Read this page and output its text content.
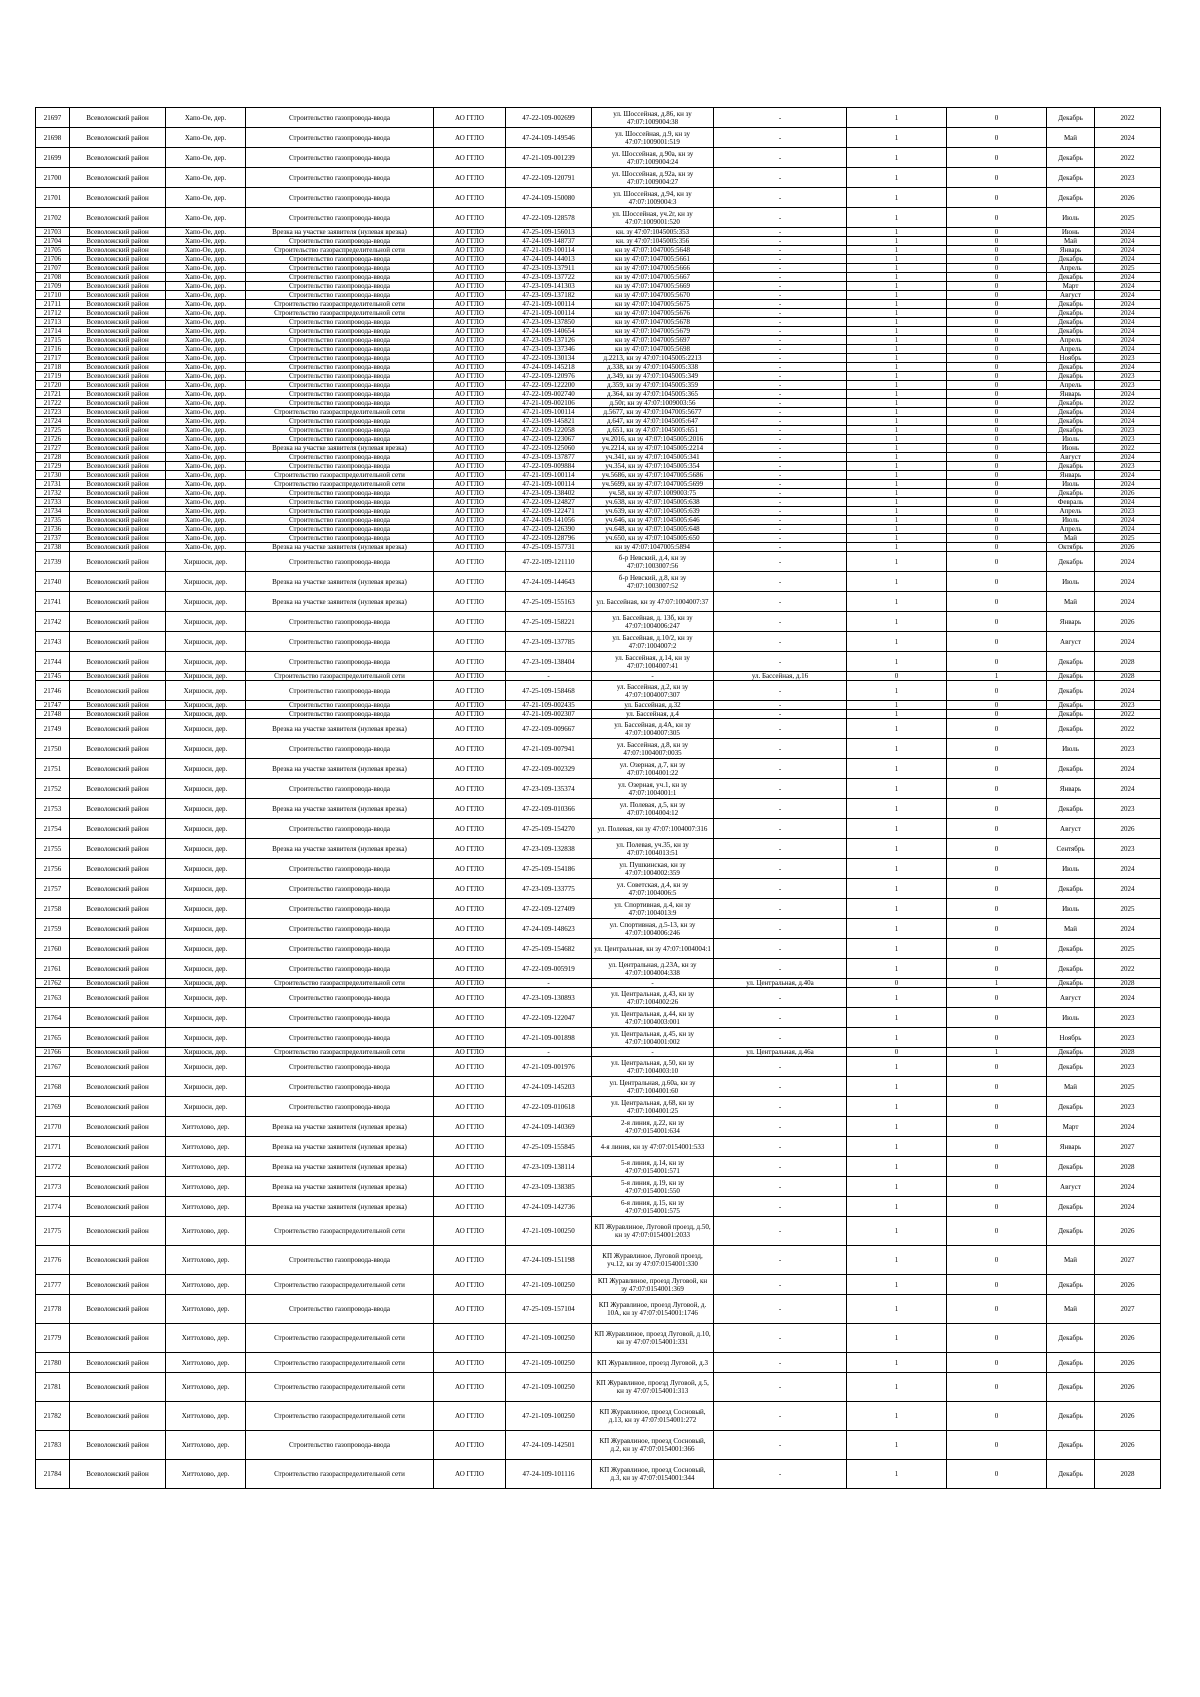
21697	Всеволожский район	Хапо-Ое, дер.	Строительство газопровода-ввода	АО ГГЛО	47-22-109-002699	ул. Шоссейная, д.86, кн зу 47:07:1009004:38	-	1	0	Декабрь	2022
21698	Всеволожский район	Хапо-Ое, дер.	Строительство газопровода-ввода	АО ГГЛО	47-24-109-149546	ул. Шоссейная, д.9, кн зу 47:07:1009001:519	-	1	0	Май	2024
21699	Всеволожский район	Хапо-Ое, дер.	Строительство газопровода-ввода	АО ГГЛО	47-21-109-001239	ул. Шоссейная, д.90а, кн зу 47:07:1009004:24	-	1	0	Декабрь	2022
21700	Всеволожский район	Хапо-Ое, дер.	Строительство газопровода-ввода	АО ГГЛО	47-22-109-120791	ул. Шоссейная, д.92а, кн зу 47:07:1009004:27	-	1	0	Декабрь	2023
21701	Всеволожский район	Хапо-Ое, дер.	Строительство газопровода-ввода	АО ГГЛО	47-24-109-150080	ул. Шоссейная, д.94, кн зу 47:07:1009004:3	-	1	0	Декабрь	2026
21702	Всеволожский район	Хапо-Ое, дер.	Строительство газопровода-ввода	АО ГГЛО	47-22-109-128578	ул. Шоссейная, уч.2г, кн зу 47:07:1009001:520	-	1	0	Июль	2025
21703	Всеволожский район	Хапо-Ое, дер.	Врезка на участке заявителя (нулевая врезка)	АО ГГЛО	47-25-109-156013	кн. зу 47:07:1045005:353	-	1	0	Июнь	2024
21704	Всеволожский район	Хапо-Ое, дер.	Строительство газопровода-ввода	АО ГГЛО	47-24-109-148737	кн. зу 47:07:1045005:356	-	1	0	Май	2024
21705	Всеволожский район	Хапо-Ое, дер.	Строительство газораспределительной сети	АО ГГЛО	47-21-109-100114	кн зу 47:07:1047005:5648	-	1	0	Январь	2024
21706	Всеволожский район	Хапо-Ое, дер.	Строительство газопровода-ввода	АО ГГЛО	47-24-109-144013	кн зу 47:07:1047005:5661	-	1	0	Декабрь	2024
21707	Всеволожский район	Хапо-Ое, дер.	Строительство газопровода-ввода	АО ГГЛО	47-23-109-137911	кн зу 47:07:1047005:5666	-	1	0	Апрель	2025
21708	Всеволожский район	Хапо-Ое, дер.	Строительство газопровода-ввода	АО ГГЛО	47-23-109-137722	кн зу 47:07:1047005:5667	-	1	0	Декабрь	2024
21709	Всеволожский район	Хапо-Ое, дер.	Строительство газопровода-ввода	АО ГГЛО	47-23-109-141303	кн зу 47:07:1047005:5669	-	1	0	Март	2024
21710	Всеволожский район	Хапо-Ое, дер.	Строительство газопровода-ввода	АО ГГЛО	47-23-109-137182	кн зу 47:07:1047005:5670	-	1	0	Август	2024
21711	Всеволожский район	Хапо-Ое, дер.	Строительство газораспределительной сети	АО ГГЛО	47-21-109-100114	кн зу 47:07:1047005:5675	-	1	0	Декабрь	2024
21712	Всеволожский район	Хапо-Ое, дер.	Строительство газораспределительной сети	АО ГГЛО	47-21-109-100114	кн зу 47:07:1047005:5676	-	1	0	Декабрь	2024
21713	Всеволожский район	Хапо-Ое, дер.	Строительство газопровода-ввода	АО ГГЛО	47-23-109-137850	кн зу 47:07:1047005:5678	-	1	0	Декабрь	2024
21714	Всеволожский район	Хапо-Ое, дер.	Строительство газопровода-ввода	АО ГГЛО	47-24-109-140654	кн зу 47:07:1047005:5679	-	1	0	Декабрь	2024
21715	Всеволожский район	Хапо-Ое, дер.	Строительство газопровода-ввода	АО ГГЛО	47-23-109-137126	кн зу 47:07:1047005:5697	-	1	0	Апрель	2024
21716	Всеволожский район	Хапо-Ое, дер.	Строительство газопровода-ввода	АО ГГЛО	47-23-109-137346	кн зу 47:07:1047005:5698	-	1	0	Апрель	2024
21717	Всеволожский район	Хапо-Ое, дер.	Строительство газопровода-ввода	АО ГГЛО	47-22-109-130134	д.2213, кн зу 47:07:1045005:2213	-	1	0	Ноябрь	2023
21718	Всеволожский район	Хапо-Ое, дер.	Строительство газопровода-ввода	АО ГГЛО	47-24-109-145218	д.338, кн зу 47:07:1045005:338	-	1	0	Декабрь	2024
21719	Всеволожский район	Хапо-Ое, дер.	Строительство газопровода-ввода	АО ГГЛО	47-22-109-120976	д.349, кн зу 47:07:1045005:349	-	1	0	Декабрь	2023
21720	Всеволожский район	Хапо-Ое, дер.	Строительство газопровода-ввода	АО ГГЛО	47-22-109-122200	д.359, кн зу 47:07:1045005:359	-	1	0	Апрель	2023
21721	Всеволожский район	Хапо-Ое, дер.	Строительство газопровода-ввода	АО ГГЛО	47-22-109-002740	д.364, кн зу 47:07:1045005:365	-	1	0	Январь	2024
21722	Всеволожский район	Хапо-Ое, дер.	Строительство газопровода-ввода	АО ГГЛО	47-21-109-002106	д.50г, кн зу 47:07:1009003:56	-	1	0	Декабрь	2022
21723	Всеволожский район	Хапо-Ое, дер.	Строительство газораспределительной сети	АО ГГЛО	47-21-109-100114	д.5677, кн зу 47:07:1047005:5677	-	1	0	Декабрь	2024
21724	Всеволожский район	Хапо-Ое, дер.	Строительство газопровода-ввода	АО ГГЛО	47-23-109-145821	д.647, кн зу 47:07:1045005:647	-	1	0	Декабрь	2024
21725	Всеволожский район	Хапо-Ое, дер.	Строительство газопровода-ввода	АО ГГЛО	47-22-109-122058	д.651, кн зу 47:07:1045005:651	-	1	0	Декабрь	2023
21726	Всеволожский район	Хапо-Ое, дер.	Строительство газопровода-ввода	АО ГГЛО	47-22-109-123067	уч.2016, кн зу 47:07:1045005:2016	-	1	0	Июль	2023
21727	Всеволожский район	Хапо-Ое, дер.	Врезка на участке заявителя (нулевая врезка)	АО ГГЛО	47-22-109-125060	уч.2214, кн зу 47:07:1045005:2214	-	1	0	Июнь	2022
21728	Всеволожский район	Хапо-Ое, дер.	Строительство газопровода-ввода	АО ГГЛО	47-23-109-137877	уч.341, кн зу 47:07:1045005:341	-	1	0	Август	2024
21729	Всеволожский район	Хапо-Ое, дер.	Строительство газопровода-ввода	АО ГГЛО	47-22-109-009884	уч.354, кн зу 47:07:1045005:354	-	1	0	Декабрь	2023
21730	Всеволожский район	Хапо-Ое, дер.	Строительство газораспределительной сети	АО ГГЛО	47-21-109-100114	уч.5686, кн зу 47:07:1047005:5686	-	1	0	Январь	2024
21731	Всеволожский район	Хапо-Ое, дер.	Строительство газораспределительной сети	АО ГГЛО	47-21-109-100114	уч.5699, кн зу 47:07:1047005:5699	-	1	0	Июль	2024
21732	Всеволожский район	Хапо-Ое, дер.	Строительство газопровода-ввода	АО ГГЛО	47-23-109-138402	уч.58, кн зу 47:07:1009003:75	-	1	0	Декабрь	2026
21733	Всеволожский район	Хапо-Ое, дер.	Строительство газопровода-ввода	АО ГГЛО	47-22-109-124827	уч.638, кн зу 47:07:1045005:638	-	1	0	Февраль	2024
21734	Всеволожский район	Хапо-Ое, дер.	Строительство газопровода-ввода	АО ГГЛО	47-22-109-122471	уч.639, кн зу 47:07:1045005:639	-	1	0	Апрель	2023
21735	Всеволожский район	Хапо-Ое, дер.	Строительство газопровода-ввода	АО ГГЛО	47-24-109-141056	уч.646, кн зу 47:07:1045005:646	-	1	0	Июль	2024
21736	Всеволожский район	Хапо-Ое, дер.	Строительство газопровода-ввода	АО ГГЛО	47-22-109-126390	уч.648, кн зу 47:07:1045005:648	-	1	0	Апрель	2024
21737	Всеволожский район	Хапо-Ое, дер.	Строительство газопровода-ввода	АО ГГЛО	47-22-109-128796	уч.650, кн зу 47:07:1045005:650	-	1	0	Май	2025
21738	Всеволожский район	Хапо-Ое, дер.	Врезка на участке заявителя (нулевая врезка)	АО ГГЛО	47-25-109-157731	кн зу 47:07:1047005:5894	-	1	0	Октябрь	2026
21739	Всеволожский район	Хиршоси, дер.	Строительство газопровода-ввода	АО ГГЛО	47-22-109-121110	б-р Невский, д.4, кн зу 47:07:1003007:56	-	1	0	Декабрь	2024
21740	Всеволожский район	Хиршоси, дер.	Врезка на участке заявителя (нулевая врезка)	АО ГГЛО	47-24-109-144643	б-р Невский, д.8, кн зу 47:07:1003007:52	-	1	0	Июль	2024
21741	Всеволожский район	Хиршоси, дер.	Врезка на участке заявителя (нулевая врезка)	АО ГГЛО	47-25-109-155163	ул. Бассейная, кн зу 47:07:1004007:37	-	1	0	Май	2024
21742	Всеволожский район	Хиршоси, дер.	Строительство газопровода-ввода	АО ГГЛО	47-25-109-158221	ул. Бассейная, д. 13б, кн зу 47:07:1004006:247	-	1	0	Январь	2026
21743	Всеволожский район	Хиршоси, дер.	Строительство газопровода-ввода	АО ГГЛО	47-23-109-137785	ул. Бассейная, д.10/2, кн зу 47:07:1004007:2	-	1	0	Август	2024
21744	Всеволожский район	Хиршоси, дер.	Строительство газопровода-ввода	АО ГГЛО	47-23-109-138404	ул. Бассейная, д.14, кн зу 47:07:1004007:41	-	1	0	Декабрь	2028
21745	Всеволожский район	Хиршоси, дер.	Строительство газораспределительной сети	АО ГГЛО	-	-	ул. Бассейная, д.16	0	1	Декабрь	2028
21746	Всеволожский район	Хиршоси, дер.	Строительство газопровода-ввода	АО ГГЛО	47-25-109-158468	ул. Бассейная, д.2, кн зу 47:07:1004007:307	-	1	0	Декабрь	2024
21747	Всеволожский район	Хиршоси, дер.	Строительство газопровода-ввода	АО ГГЛО	47-21-109-002435	ул. Бассейная, д.32	-	1	0	Декабрь	2023
21748	Всеволожский район	Хиршоси, дер.	Строительство газопровода-ввода	АО ГГЛО	47-21-109-002307	ул. Бассейная, д.4	-	1	0	Декабрь	2022
21749	Всеволожский район	Хиршоси, дер.	Врезка на участке заявителя (нулевая врезка)	АО ГГЛО	47-22-109-009667	ул. Бассейная, д.4А, кн зу 47:07:1004007:305	-	1	0	Декабрь	2022
21750	Всеволожский район	Хиршоси, дер.	Строительство газопровода-ввода	АО ГГЛО	47-21-109-007941	ул. Бассейная, д.8, кн зу 47:07:1004007:0035	-	1	0	Июль	2023
21751	Всеволожский район	Хиршоси, дер.	Врезка на участке заявителя (нулевая врезка)	АО ГГЛО	47-22-109-002329	ул. Озерная, д.7, кн зу 47:07:1004001:22	-	1	0	Декабрь	2024
21752	Всеволожский район	Хиршоси, дер.	Строительство газопровода-ввода	АО ГГЛО	47-23-109-135374	ул. Озерная, уч.1, кн зу 47:07:1004001:1	-	1	0	Январь	2024
21753	Всеволожский район	Хиршоси, дер.	Врезка на участке заявителя (нулевая врезка)	АО ГГЛО	47-22-109-010366	ул. Полевая, д.5, кн зу 47:07:1004004:12	-	1	0	Декабрь	2023
21754	Всеволожский район	Хиршоси, дер.	Строительство газопровода-ввода	АО ГГЛО	47-25-109-154270	ул. Полевая, кн зу 47:07:1004007:316	-	1	0	Август	2026
21755	Всеволожский район	Хиршоси, дер.	Врезка на участке заявителя (нулевая врезка)	АО ГГЛО	47-23-109-132838	ул. Полевая, уч.35, кн зу 47:07:1004013:51	-	1	0	Сентябрь	2023
21756	Всеволожский район	Хиршоси, дер.	Строительство газопровода-ввода	АО ГГЛО	47-25-109-154186	ул. Пушкинская, кн зу 47:07:1004002:359	-	1	0	Июль	2024
21757	Всеволожский район	Хиршоси, дер.	Строительство газопровода-ввода	АО ГГЛО	47-23-109-133775	ул. Советская, д.4, кн зу 47:07:1004006:5	-	1	0	Декабрь	2024
21758	Всеволожский район	Хиршоси, дер.	Строительство газопровода-ввода	АО ГГЛО	47-22-109-127409	ул. Спортивная, д.4, кн зу 47:07:1004013:9	-	1	0	Июль	2025
21759	Всеволожский район	Хиршоси, дер.	Строительство газопровода-ввода	АО ГГЛО	47-24-109-148623	ул. Спортивная, д.5-13, кн зу 47:07:1004006:246	-	1	0	Май	2024
21760	Всеволожский район	Хиршоси, дер.	Строительство газопровода-ввода	АО ГГЛО	47-25-109-154682	ул. Центральная, кн зу 47:07:1004004:1	-	1	0	Декабрь	2025
21761	Всеволожский район	Хиршоси, дер.	Строительство газопровода-ввода	АО ГГЛО	47-22-109-005919	ул. Центральная, д.23А, кн зу 47:07:1004004:338	-	1	0	Декабрь	2022
21762	Всеволожский район	Хиршоси, дер.	Строительство газораспределительной сети	АО ГГЛО	-	-	ул. Центральная, д.40а	0	1	Декабрь	2028
21763	Всеволожский район	Хиршоси, дер.	Строительство газопровода-ввода	АО ГГЛО	47-23-109-130893	ул. Центральная, д.43, кн зу 47:07:1004002:26	-	1	0	Август	2024
21764	Всеволожский район	Хиршоси, дер.	Строительство газопровода-ввода	АО ГГЛО	47-22-109-122047	ул. Центральная, д.44, кн зу 47:07:1004003:001	-	1	0	Июль	2023
21765	Всеволожский район	Хиршоси, дер.	Строительство газопровода-ввода	АО ГГЛО	47-21-109-001898	ул. Центральная, д.45, кн зу 47:07:1004001:002	-	1	0	Ноябрь	2023
21766	Всеволожский район	Хиршоси, дер.	Строительство газораспределительной сети	АО ГГЛО	-	-	ул. Центральная, д.46а	0	1	Декабрь	2028
21767	Всеволожский район	Хиршоси, дер.	Строительство газопровода-ввода	АО ГГЛО	47-21-109-001976	ул. Центральная, д.50, кн зу 47:07:1004003:10	-	1	0	Декабрь	2023
21768	Всеволожский район	Хиршоси, дер.	Строительство газопровода-ввода	АО ГГЛО	47-24-109-145203	ул. Центральная, д.60а, кн зу 47:07:1004001:60	-	1	0	Май	2025
21769	Всеволожский район	Хиршоси, дер.	Строительство газопровода-ввода	АО ГГЛО	47-22-109-010618	ул. Центральная, д.68, кн зу 47:07:1004001:25	-	1	0	Декабрь	2023
21770	Всеволожский район	Хиттолово, дер.	Врезка на участке заявителя (нулевая врезка)	АО ГГЛО	47-24-109-140369	2-я линия, д.22, кн зу 47:07:0154001:634	-	1	0	Март	2024
21771	Всеволожский район	Хиттолово, дер.	Врезка на участке заявителя (нулевая врезка)	АО ГГЛО	47-25-109-155845	4-я линия, кн зу 47:07:0154001:533	-	1	0	Январь	2027
21772	Всеволожский район	Хиттолово, дер.	Врезка на участке заявителя (нулевая врезка)	АО ГГЛО	47-23-109-138114	5-я линия, д.14, кн зу 47:07:0154001:571	-	1	0	Декабрь	2028
21773	Всеволожский район	Хиттолово, дер.	Врезка на участке заявителя (нулевая врезка)	АО ГГЛО	47-23-109-138385	5-я линия, д.19, кн зу 47:07:0154001:550	-	1	0	Август	2024
21774	Всеволожский район	Хиттолово, дер.	Врезка на участке заявителя (нулевая врезка)	АО ГГЛО	47-24-109-142736	6-я линия, д.15, кн зу 47:07:0154001:575	-	1	0	Декабрь	2024
21775	Всеволожский район	Хиттолово, дер.	Строительство газораспределительной сети	АО ГГЛО	47-21-109-100250	КП Журавлиное, Луговой проезд, д.50, кн зу 47:07:0154001:2033	-	1	0	Декабрь	2026
21776	Всеволожский район	Хиттолово, дер.	Строительство газопровода-ввода	АО ГГЛО	47-24-109-151198	КП Журавлиное, Луговой проезд, уч.12, кн зу 47:07:0154001:330	-	1	0	Май	2027
21777	Всеволожский район	Хиттолово, дер.	Строительство газораспределительной сети	АО ГГЛО	47-21-109-100250	КП Журавлиное, проезд Луговой, кн зу 47:07:0154001:369	-	1	0	Декабрь	2026
21778	Всеволожский район	Хиттолово, дер.	Строительство газопровода-ввода	АО ГГЛО	47-25-109-157104	КП Журавлиное, проезд Луговой, д. 10А, кн зу 47:07:0154001:1746	-	1	0	Май	2027
21779	Всеволожский район	Хиттолово, дер.	Строительство газораспределительной сети	АО ГГЛО	47-21-109-100250	КП Журавлиное, проезд Луговой, д.10, кн зу 47:07:0154001:331	-	1	0	Декабрь	2026
21780	Всеволожский район	Хиттолово, дер.	Строительство газораспределительной сети	АО ГГЛО	47-21-109-100250	КП Журавлиное, проезд Луговой, д.3	-	1	0	Декабрь	2026
21781	Всеволожский район	Хиттолово, дер.	Строительство газораспределительной сети	АО ГГЛО	47-21-109-100250	КП Журавлиное, проезд Луговой, д.5, кн зу 47:07:0154001:313	-	1	0	Декабрь	2026
21782	Всеволожский район	Хиттолово, дер.	Строительство газораспределительной сети	АО ГГЛО	47-21-109-100250	КП Журавлиное, проезд Сосновый, д.13, кн зу 47:07:0154001:272	-	1	0	Декабрь	2026
21783	Всеволожский район	Хиттолово, дер.	Строительство газопровода-ввода	АО ГГЛО	47-24-109-142501	КП Журавлиное, проезд Сосновый, д.2, кн зу 47:07:0154001:366	-	1	0	Декабрь	2026
21784	Всеволожский район	Хиттолово, дер.	Строительство газораспределительной сети	АО ГГЛО	47-24-109-101116	КП Журавлиное, проезд Сосновый, д.3, кн зу 47:07:0154001:344	-	1	0	Декабрь	2028
